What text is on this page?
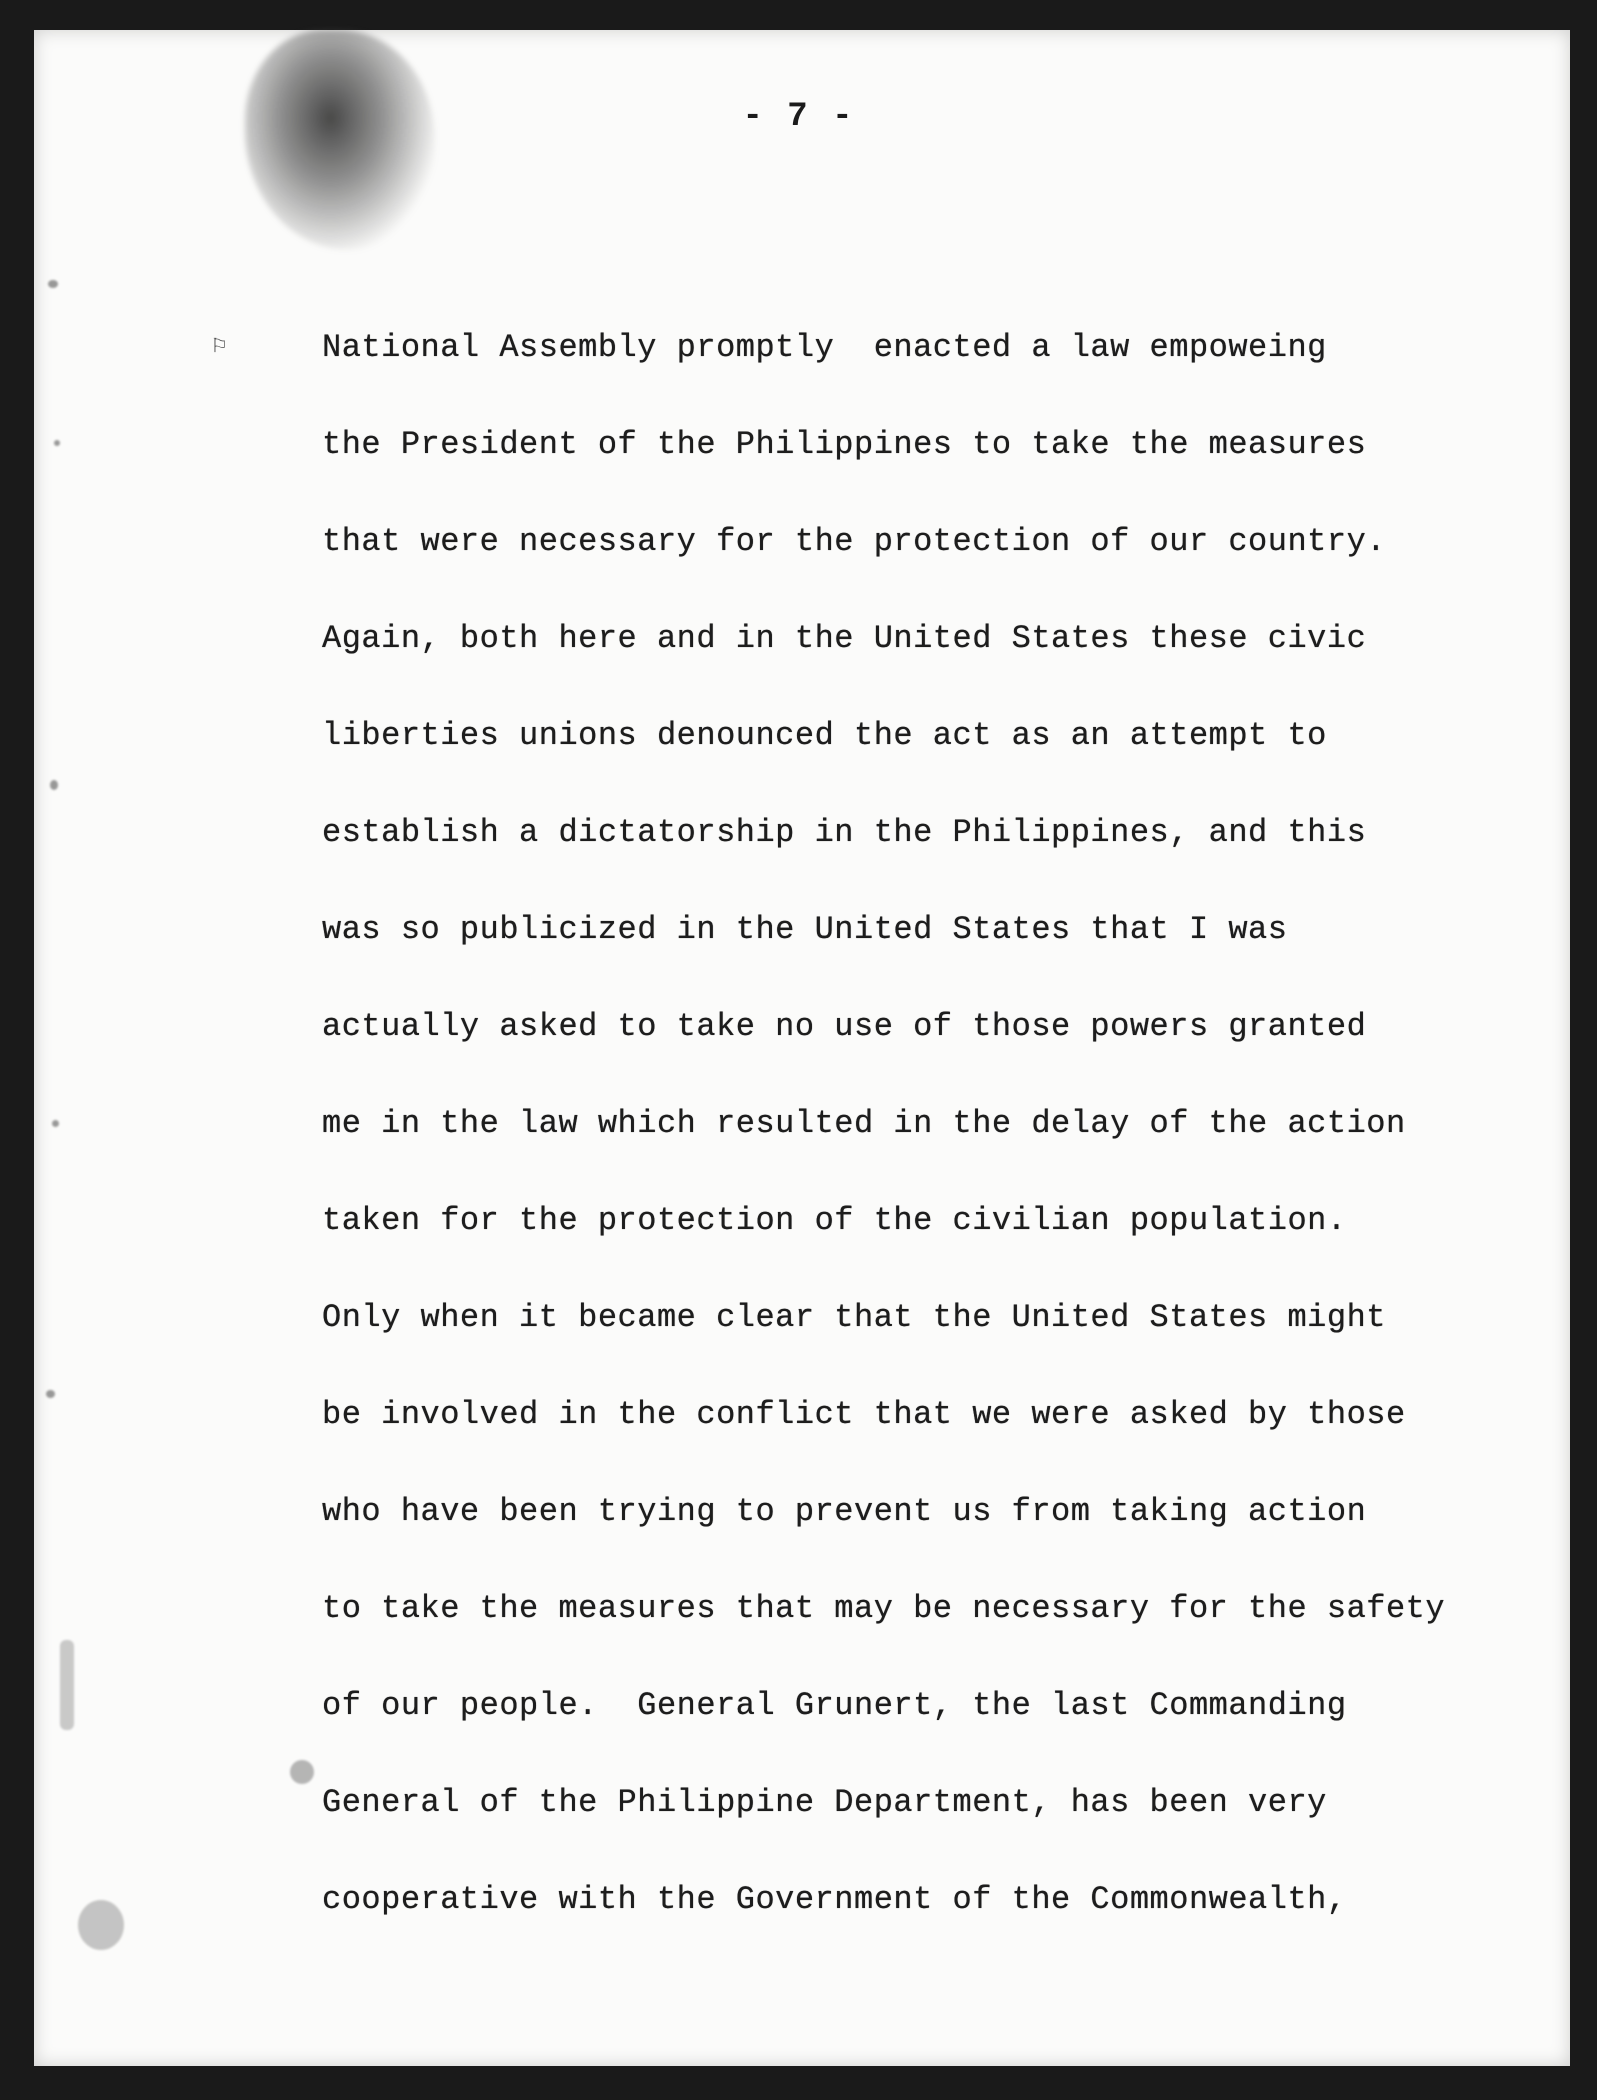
- 7 -
⚐	National Assembly promptly  enacted a law empoweing
the President of the Philippines to take the measures
that were necessary for the protection of our country.
Again, both here and in the United States these civic
liberties unions denounced the act as an attempt to
establish a dictatorship in the Philippines, and this
was so publicized in the United States that I was
actually asked to take no use of those powers granted
me in the law which resulted in the delay of the action
taken for the protection of the civilian population.
Only when it became clear that the United States might
be involved in the conflict that we were asked by those
who have been trying to prevent us from taking action
to take the measures that may be necessary for the safety
of our people.  General Grunert, the last Commanding
General of the Philippine Department, has been very
cooperative with the Government of the Commonwealth,
